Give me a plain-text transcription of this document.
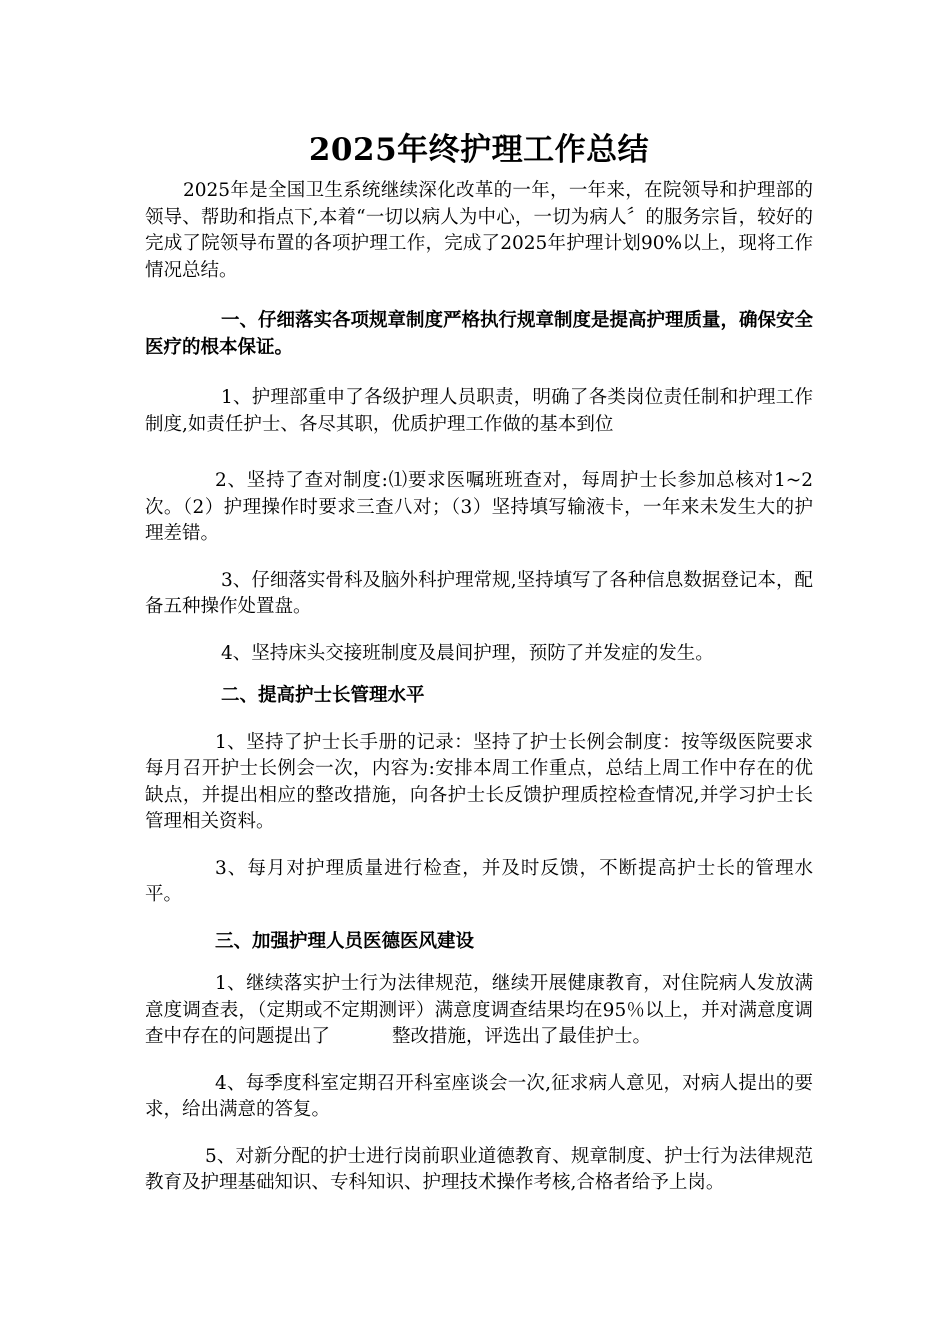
2025年终护理工作总结

2025年是全国卫生系统继续深化改革的一年，一年来，在院领导和护理部的领导、帮助和指点下,本着“一切以病人为中心，一切为病人〞的服务宗旨，较好的完成了院领导布置的各项护理工作，完成了2025年护理计划90%以上，现将工作情况总结。

一、仔细落实各项规章制度严格执行规章制度是提高护理质量，确保安全医疗的根本保证。

1、护理部重申了各级护理人员职责，明确了各类岗位责任制和护理工作制度,如责任护士、各尽其职，优质护理工作做的基本到位

2、坚持了查对制度:⑴要求医嘱班班查对，每周护士长参加总核对1~2次。（2）护理操作时要求三查八对；（3）坚持填写输液卡，一年来未发生大的护理差错。

3、仔细落实骨科及脑外科护理常规,坚持填写了各种信息数据登记本，配备五种操作处置盘。

4、坚持床头交接班制度及晨间护理，预防了并发症的发生。

二、提高护士长管理水平

1、坚持了护士长手册的记录：坚持了护士长例会制度：按等级医院要求每月召开护士长例会一次，内容为:安排本周工作重点，总结上周工作中存在的优缺点，并提出相应的整改措施，向各护士长反馈护理质控检查情况,并学习护士长管理相关资料。

3、每月对护理质量进行检查，并及时反馈，不断提高护士长的管理水平。

三、加强护理人员医德医风建设

1、继续落实护士行为法律规范，继续开展健康教育，对住院病人发放满意度调查表，（定期或不定期测评）满意度调查结果均在95％以上，并对满意度调查中存在的问题提出了	整改措施，评选出了最佳护士。

4、每季度科室定期召开科室座谈会一次,征求病人意见，对病人提出的要求，给出满意的答复。

5、对新分配的护士进行岗前职业道德教育、规章制度、护士行为法律规范教育及护理基础知识、专科知识、护理技术操作考核,合格者给予上岗。
